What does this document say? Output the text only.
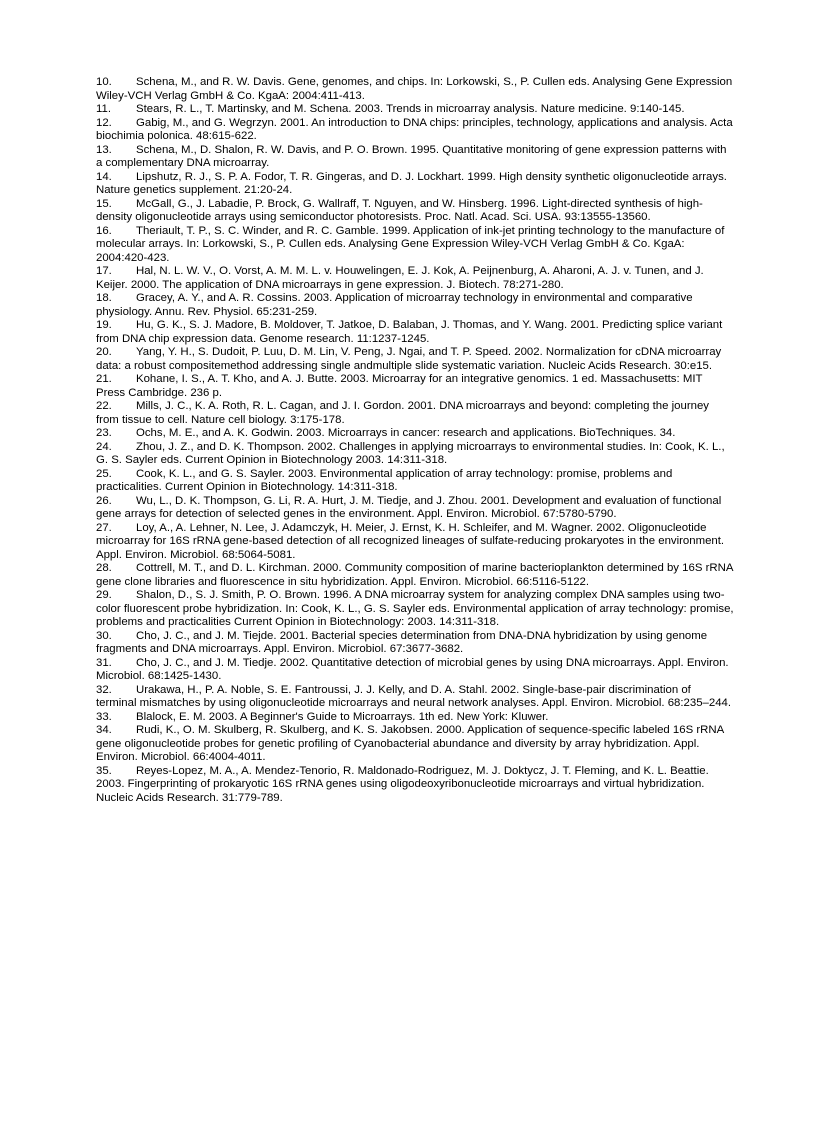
10. Schena, M., and R. W. Davis. Gene, genomes, and chips. In: Lorkowski, S., P. Cullen eds. Analysing Gene Expression Wiley-VCH Verlag GmbH & Co. KgaA: 2004:411-413.

11. Stears, R. L., T. Martinsky, and M. Schena. 2003. Trends in microarray analysis. Nature medicine. 9:140-145.

12. Gabig, M., and G. Wegrzyn. 2001. An introduction to DNA chips: principles, technology, applications and analysis. Acta biochimia polonica. 48:615-622.

13. Schena, M., D. Shalon, R. W. Davis, and P. O. Brown. 1995. Quantitative monitoring of gene expression patterns with a complementary DNA microarray.

14. Lipshutz, R. J., S. P. A. Fodor, T. R. Gingeras, and D. J. Lockhart. 1999. High density synthetic oligonucleotide arrays. Nature genetics supplement. 21:20-24.

15. McGall, G., J. Labadie, P. Brock, G. Wallraff, T. Nguyen, and W. Hinsberg. 1996. Light-directed synthesis of high-density oligonucleotide arrays using semiconductor photoresists. Proc. Natl. Acad. Sci. USA. 93:13555-13560.

16. Theriault, T. P., S. C. Winder, and R. C. Gamble. 1999. Application of ink-jet printing technology to the manufacture of molecular arrays. In: Lorkowski, S., P. Cullen eds. Analysing Gene Expression Wiley-VCH Verlag GmbH & Co. KgaA: 2004:420-423.

17. Hal, N. L. W. V., O. Vorst, A. M. M. L. v. Houwelingen, E. J. Kok, A. Peijnenburg, A. Aharoni, A. J. v. Tunen, and J. Keijer. 2000. The application of DNA microarrays in gene expression. J. Biotech. 78:271-280.

18. Gracey, A. Y., and A. R. Cossins. 2003. Application of microarray technology in environmental and comparative physiology. Annu. Rev. Physiol. 65:231-259.

19. Hu, G. K., S. J. Madore, B. Moldover, T. Jatkoe, D. Balaban, J. Thomas, and Y. Wang. 2001. Predicting splice variant from DNA chip expression data. Genome research. 11:1237-1245.

20. Yang, Y. H., S. Dudoit, P. Luu, D. M. Lin, V. Peng, J. Ngai, and T. P. Speed. 2002. Normalization for cDNA microarray data: a robust compositemethod addressing single andmultiple slide systematic variation. Nucleic Acids Research. 30:e15.

21. Kohane, I. S., A. T. Kho, and A. J. Butte. 2003. Microarray for an integrative genomics. 1 ed. Massachusetts: MIT Press Cambridge. 236 p.

22. Mills, J. C., K. A. Roth, R. L. Cagan, and J. I. Gordon. 2001. DNA microarrays and beyond: completing the journey from tissue to cell. Nature cell biology. 3:175-178.

23. Ochs, M. E., and A. K. Godwin. 2003. Microarrays in cancer: research and applications. BioTechniques. 34.

24. Zhou, J. Z., and D. K. Thompson. 2002. Challenges in applying microarrays to environmental studies. In: Cook, K. L., G. S. Sayler eds. Current Opinion in Biotechnology 2003. 14:311-318.

25. Cook, K. L., and G. S. Sayler. 2003. Environmental application of array technology: promise, problems and practicalities. Current Opinion in Biotechnology. 14:311-318.

26. Wu, L., D. K. Thompson, G. Li, R. A. Hurt, J. M. Tiedje, and J. Zhou. 2001. Development and evaluation of functional gene arrays for detection of selected genes in the environment. Appl. Environ. Microbiol. 67:5780-5790.

27. Loy, A., A. Lehner, N. Lee, J. Adamczyk, H. Meier, J. Ernst, K. H. Schleifer, and M. Wagner. 2002. Oligonucleotide microarray for 16S rRNA gene-based detection of all recognized lineages of sulfate-reducing prokaryotes in the environment. Appl. Environ. Microbiol. 68:5064-5081.

28. Cottrell, M. T., and D. L. Kirchman. 2000. Community composition of marine bacterioplankton determined by 16S rRNA gene clone libraries and fluorescence in situ hybridization. Appl. Environ. Microbiol. 66:5116-5122.

29. Shalon, D., S. J. Smith, P. O. Brown. 1996. A DNA microarray system for analyzing complex DNA samples using two-color fluorescent probe hybridization. In: Cook, K. L., G. S. Sayler eds. Environmental application of array technology: promise, problems and practicalities Current Opinion in Biotechnology: 2003. 14:311-318.

30. Cho, J. C., and J. M. Tiejde. 2001. Bacterial species determination from DNA-DNA hybridization by using genome fragments and DNA microarrays. Appl. Environ. Microbiol. 67:3677-3682.

31. Cho, J. C., and J. M. Tiedje. 2002. Quantitative detection of microbial genes by using DNA microarrays. Appl. Environ. Microbiol. 68:1425-1430.

32. Urakawa, H., P. A. Noble, S. E. Fantroussi, J. J. Kelly, and D. A. Stahl. 2002. Single-base-pair discrimination of terminal mismatches by using oligonucleotide microarrays and neural network analyses. Appl. Environ. Microbiol. 68:235–244.

33. Blalock, E. M. 2003. A Beginner's Guide to Microarrays. 1th ed. New York: Kluwer.

34. Rudi, K., O. M. Skulberg, R. Skulberg, and K. S. Jakobsen. 2000. Application of sequence-specific labeled 16S rRNA gene oligonucleotide probes for genetic profiling of Cyanobacterial abundance and diversity by array hybridization. Appl. Environ. Microbiol. 66:4004-4011.

35. Reyes-Lopez, M. A., A. Mendez-Tenorio, R. Maldonado-Rodriguez, M. J. Doktycz, J. T. Fleming, and K. L. Beattie. 2003. Fingerprinting of prokaryotic 16S rRNA genes using oligodeoxyribonucleotide microarrays and virtual hybridization. Nucleic Acids Research. 31:779-789.
